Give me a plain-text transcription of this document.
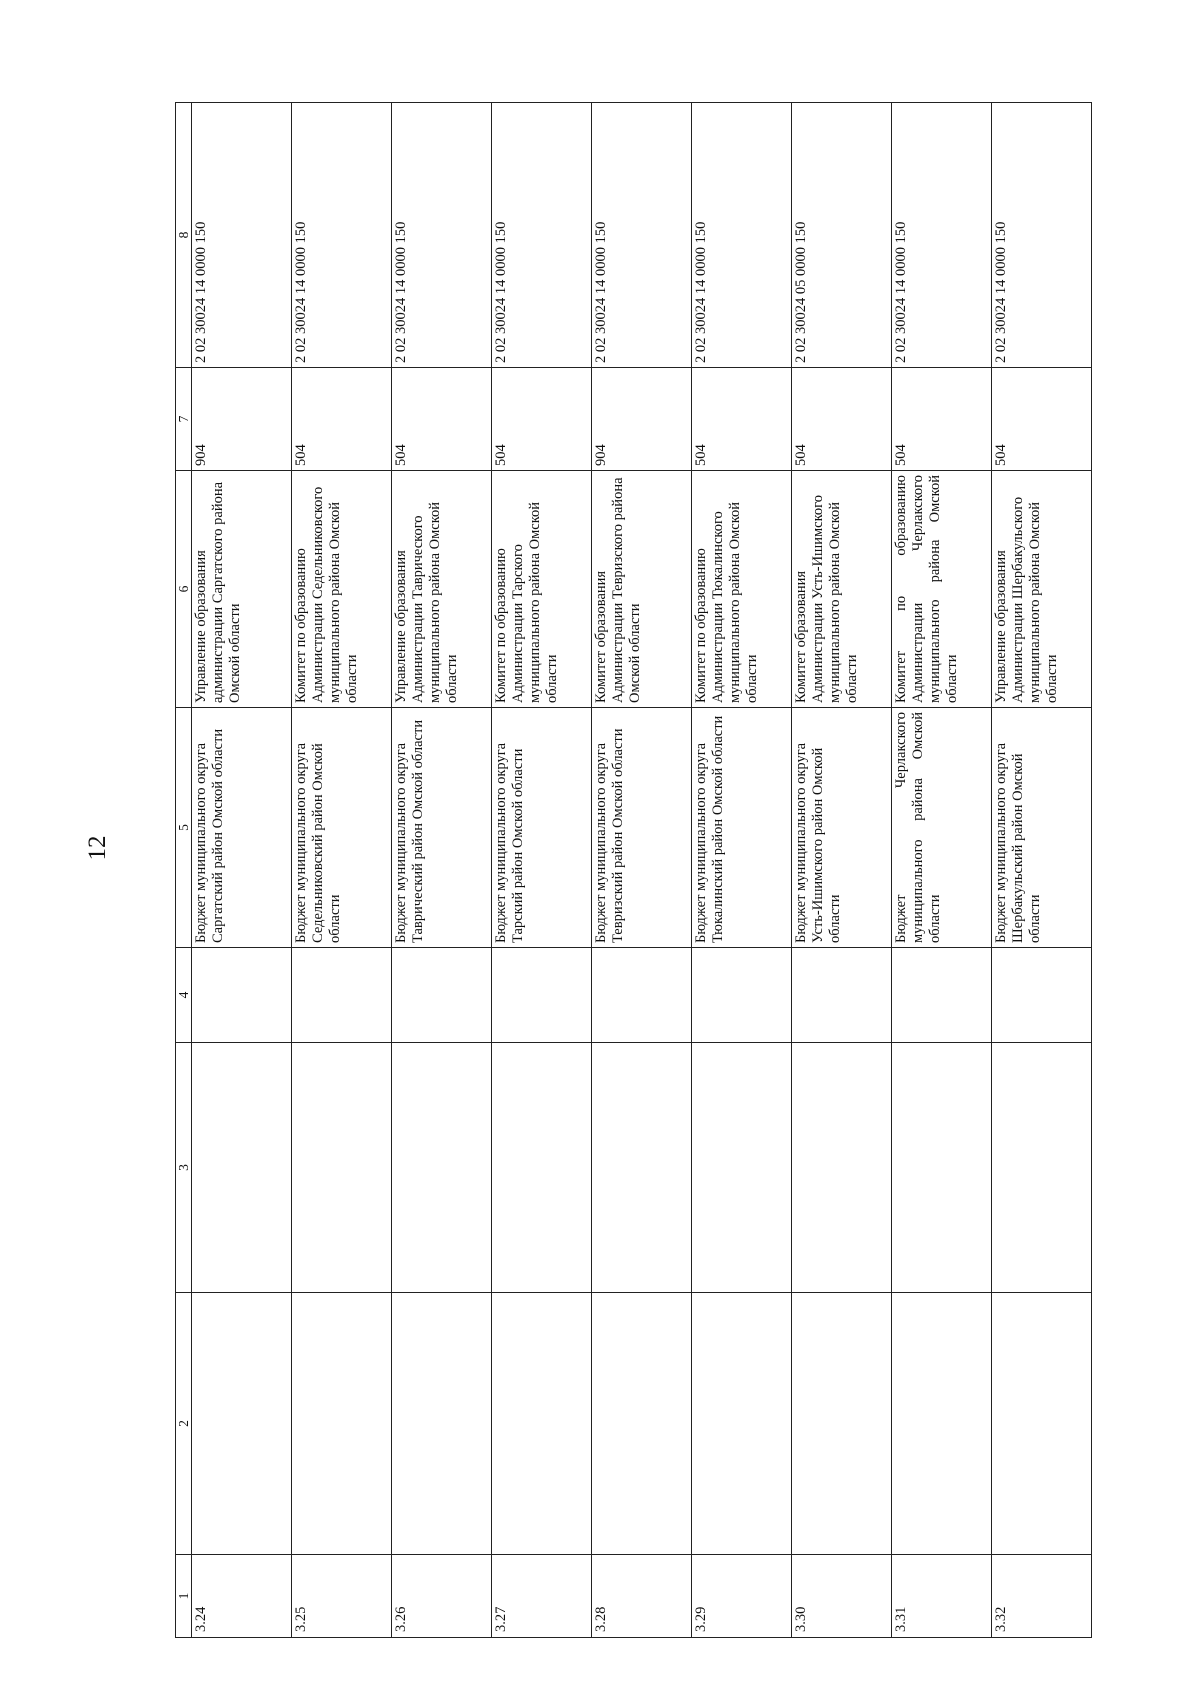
12
1	2	3	4	5	6	7	8
3.24				Бюджет муниципального округа Саргатский район Омской области	Управление образования администрации Саргатского района Омской области	904	2 02 30024 14 0000 150
3.25				Бюджет муниципального округа Седельниковский район Омской области	Комитет по образованию Администрации Седельниковского муниципального района Омской области	504	2 02 30024 14 0000 150
3.26				Бюджет муниципального округа Таврический район Омской области	Управление образования Администрации Таврического муниципального района Омской области	504	2 02 30024 14 0000 150
3.27				Бюджет муниципального округа Тарский район Омской области	Комитет по образованию Администрации Тарского муниципального района Омской области	504	2 02 30024 14 0000 150
3.28				Бюджет муниципального округа Тевризский район Омской области	Комитет образования Администрации Тевризского района Омской области	904	2 02 30024 14 0000 150
3.29				Бюджет муниципального округа Тюкалинский район Омской области	Комитет по образованию Администрации Тюкалинского муниципального района Омской области	504	2 02 30024 14 0000 150
3.30				Бюджет муниципального округа Усть-Ишимского район Омской области	Комитет образования Администрации Усть-Ишимского муниципального района Омской области	504	2 02 30024 05 0000 150
3.31				Бюджет Черлакского муниципального района Омской области	Комитет по образованию Администрации Черлакского муниципального района Омской области	504	2 02 30024 14 0000 150
3.32				Бюджет муниципального округа Шербакульский район Омской области	Управление образования Администрации Шербакульского муниципального района Омской области	504	2 02 30024 14 0000 150
